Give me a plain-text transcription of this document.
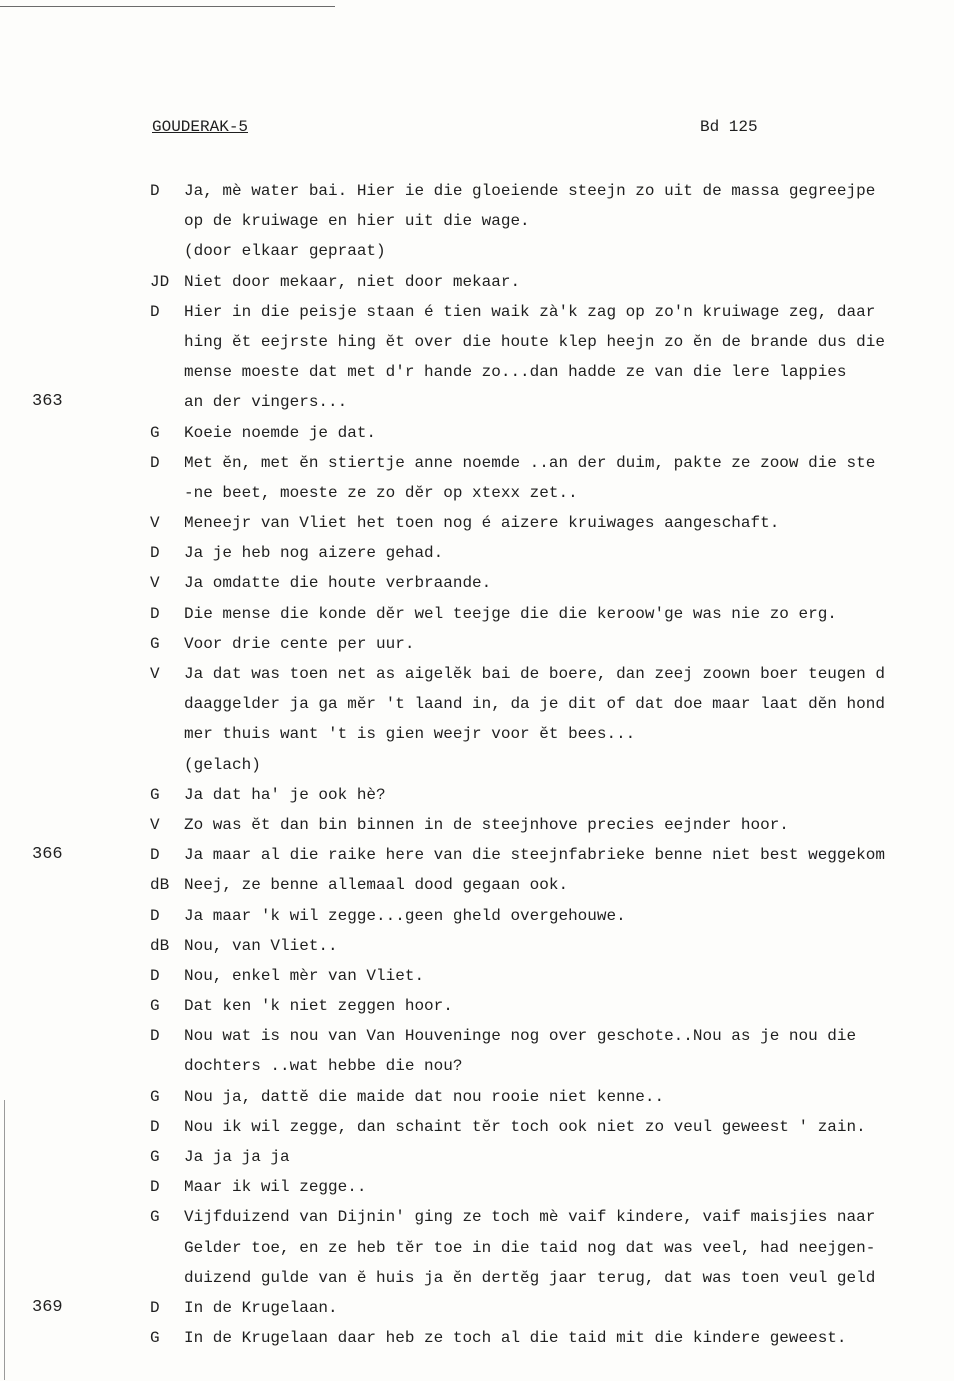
GOUDERAK-5	Bd 125
D Ja, mè water bai. Hier ie die gloeiende steejn zo uit de massa gegreejpe
op de kruiwage en hier uit die wage.
(door elkaar gepraat)
JD Niet door mekaar, niet door mekaar.
D Hier in die peisje staan é tien waik zà'k zag op zo'n kruiwage zeg, daar
hing ĕt eejrste hing ĕt over die houte klep heejn zo ĕn de brande dus die
mense moeste dat met d'r hande zo...dan hadde ze van die lere lappies
363	an der vingers...
G Koeie noemde je dat.
D Met ĕn, met ĕn stiertje anne noemde ..an der duim, pakte ze zoow die ste
-ne beet, moeste ze zo dĕr op xtexx zet..
V Meneejr van Vliet het toen nog é aizere kruiwages aangeschaft.
D Ja je heb nog aizere gehad.
V Ja omdatte die houte verbraande.
D Die mense die konde dĕr wel teejge die die keroow'ge was nie zo erg.
G Voor drie cente per uur.
V Ja dat was toen net as aigelĕk bai de boere, dan zeej zoown boer teugen d
daaggelder ja ga mĕr 't laand in, da je dit of dat doe maar laat dĕn hond
mer thuis want 't is gien weejr voor ĕt bees...
(gelach)
G Ja dat ha' je ook hè?
V Zo was ĕt dan bin binnen in de steejnhove precies eejnder hoor.
366	D Ja maar al die raike here van die steejnfabrieke benne niet best weggekom
dB Neej, ze benne allemaal dood gegaan ook.
D Ja maar 'k wil zegge...geen gheld overgehouwe.
dB Nou, van Vliet..
D Nou, enkel mèr van Vliet.
G Dat ken 'k niet zeggen hoor.
D Nou wat is nou van Van Houveninge nog over geschote..Nou as je nou die
dochters ..wat hebbe die nou?
G Nou ja, dattĕ die maide dat nou rooie niet kenne..
D Nou ik wil zegge, dan schaint tĕr toch ook niet zo veul geweest ' zain.
G Ja ja ja ja
D Maar ik wil zegge..
G Vijfduizend van Dijnin' ging ze toch mè vaif kindere, vaif maisjies naar
Gelder toe, en ze heb tĕr toe in die taid nog dat was veel, had neejgen-
duizend gulde van ĕ huis ja ĕn dertĕg jaar terug, dat was toen veul geld
369	D In de Krugelaan.
G In de Krugelaan daar heb ze toch al die taid mit die kindere geweest.
